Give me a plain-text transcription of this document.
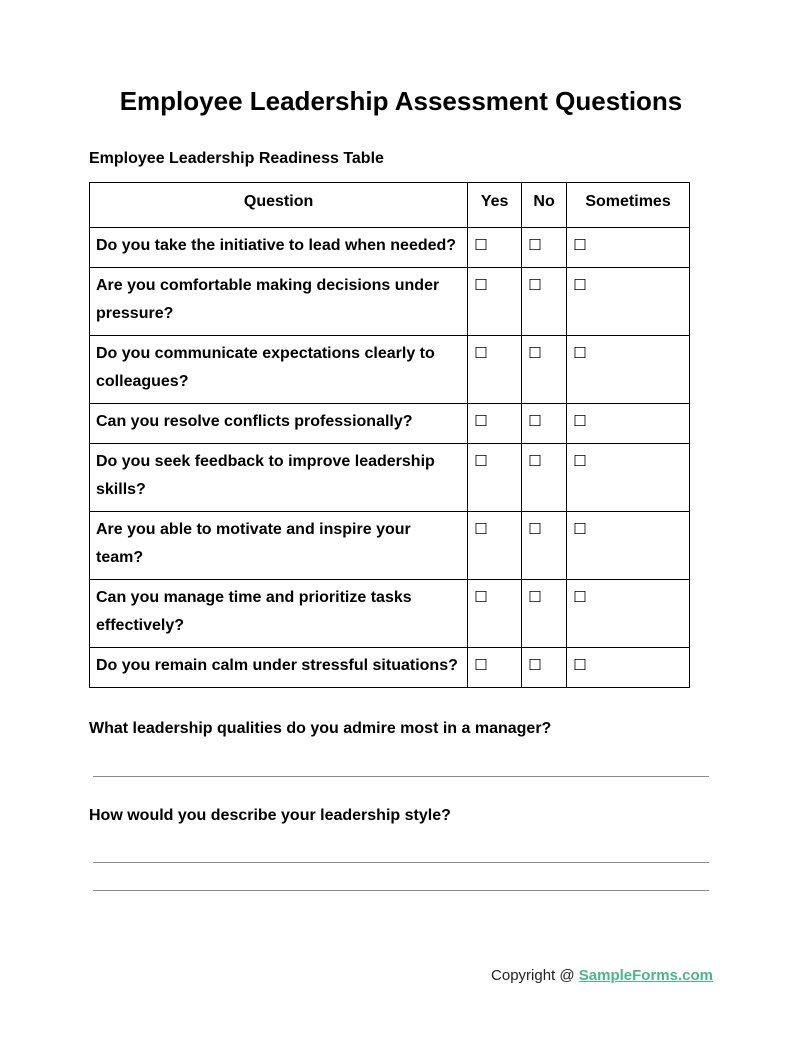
Employee Leadership Assessment Questions
Employee Leadership Readiness Table
Question	Yes	No	Sometimes
Do you take the initiative to lead when needed?	☐	☐	☐
Are you comfortable making decisions under pressure?	☐	☐	☐
Do you communicate expectations clearly to colleagues?	☐	☐	☐
Can you resolve conflicts professionally?	☐	☐	☐
Do you seek feedback to improve leadership skills?	☐	☐	☐
Are you able to motivate and inspire your team?	☐	☐	☐
Can you manage time and prioritize tasks effectively?	☐	☐	☐
Do you remain calm under stressful situations?	☐	☐	☐
What leadership qualities do you admire most in a manager?
How would you describe your leadership style?
Copyright @ SampleForms.com
